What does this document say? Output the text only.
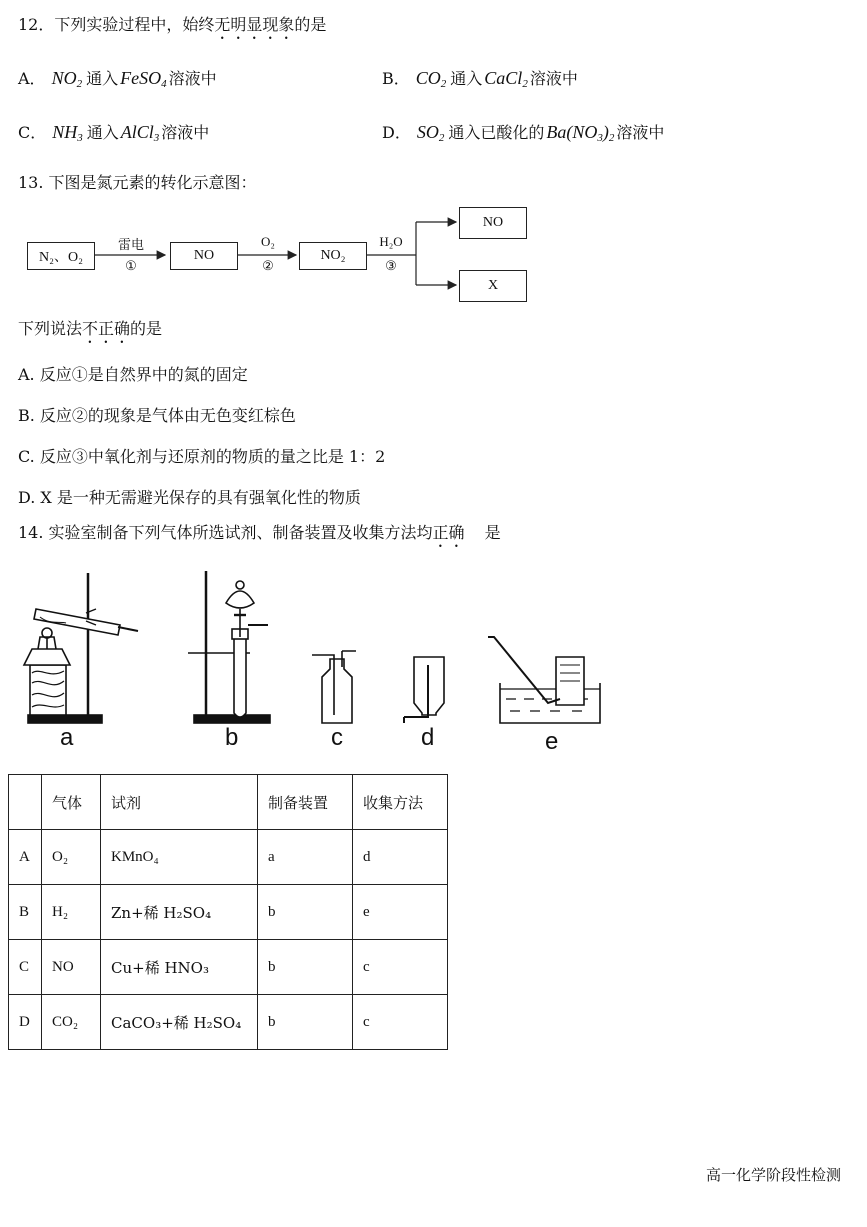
12．下列实验过程中，始终无明显现象的是
A． $NO_2$ 通入 FeSO$_4$ 溶液中	B． $CO_2$ 通入 CaCl$_2$ 溶液中
C． $NH_3$ 通入 AlCl$_3$ 溶液中	D． $SO_2$ 通入已酸化的 $Ba(NO_3)_2$ 溶液中
13. 下图是氮元素的转化示意图：
N₂、O₂
雷电
①
NO
O₂
②
NO₂
H₂O
③
NO
X
下列说法不正确的是
A. 反应①是自然界中的氮的固定
B. 反应②的现象是气体由无色变红棕色
C. 反应③中氧化剂与还原剂的物质的量之比是 1：2
D. X 是一种无需避光保存的具有强氧化性的物质
14. 实验室制备下列气体所选试剂、制备装置及收集方法均正确 是
a	b	c	d	e
	气体	试剂	制备装置	收集方法
A	O₂	KMnO₄	a	d
B	H₂	Zn+稀 H₂SO₄	b	e
C	NO	Cu+稀 HNO₃	b	c
D	CO₂	CaCO₃+稀 H₂SO₄	b	c
高一化学阶段性检测
